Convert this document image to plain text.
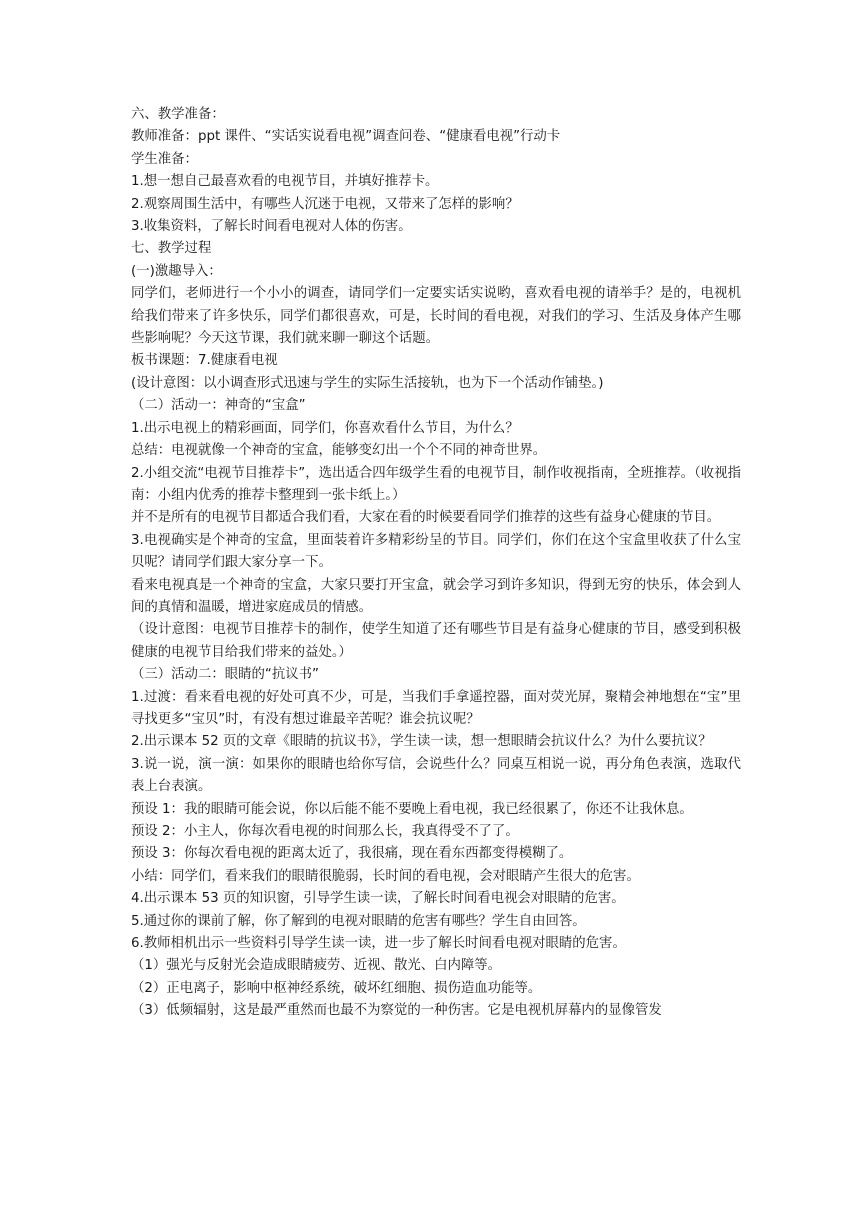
六、教学准备：

教师准备：ppt 课件、“实话实说看电视”调查问卷、“健康看电视”行动卡

学生准备：

1.想一想自己最喜欢看的电视节目，并填好推荐卡。

2.观察周围生活中，有哪些人沉迷于电视，又带来了怎样的影响？

3.收集资料，了解长时间看电视对人体的伤害。

七、教学过程

(一)激趣导入：

同学们，老师进行一个小小的调查，请同学们一定要实话实说哟，喜欢看电视的请举手？是的，电视机给我们带来了许多快乐，同学们都很喜欢，可是，长时间的看电视，对我们的学习、生活及身体产生哪些影响呢？今天这节课，我们就来聊一聊这个话题。

板书课题：7.健康看电视

(设计意图：以小调查形式迅速与学生的实际生活接轨，也为下一个活动作铺垫。)

（二）活动一：神奇的“宝盒”

1.出示电视上的精彩画面，同学们，你喜欢看什么节目，为什么？

总结：电视就像一个神奇的宝盒，能够变幻出一个个不同的神奇世界。

2.小组交流“电视节目推荐卡”，选出适合四年级学生看的电视节目，制作收视指南，全班推荐。（收视指南：小组内优秀的推荐卡整理到一张卡纸上。）

并不是所有的电视节目都适合我们看，大家在看的时候要看同学们推荐的这些有益身心健康的节目。

3.电视确实是个神奇的宝盒，里面装着许多精彩纷呈的节目。同学们，你们在这个宝盒里收获了什么宝贝呢？请同学们跟大家分享一下。

看来电视真是一个神奇的宝盒，大家只要打开宝盒，就会学习到许多知识，得到无穷的快乐，体会到人间的真情和温暖，增进家庭成员的情感。

（设计意图：电视节目推荐卡的制作，使学生知道了还有哪些节目是有益身心健康的节目，感受到积极健康的电视节目给我们带来的益处。）

（三）活动二：眼睛的“抗议书”

1.过渡：看来看电视的好处可真不少，可是，当我们手拿遥控器，面对荧光屏，聚精会神地想在“宝”里寻找更多“宝贝”时，有没有想过谁最辛苦呢？谁会抗议呢？

2.出示课本 52 页的文章《眼睛的抗议书》，学生读一读，想一想眼睛会抗议什么？为什么要抗议？

3.说一说，演一演：如果你的眼睛也给你写信，会说些什么？同桌互相说一说，再分角色表演，选取代表上台表演。

预设 1：我的眼睛可能会说，你以后能不能不要晚上看电视，我已经很累了，你还不让我休息。

预设 2：小主人，你每次看电视的时间那么长，我真得受不了了。

预设 3：你每次看电视的距离太近了，我很痛，现在看东西都变得模糊了。

小结：同学们，看来我们的眼睛很脆弱，长时间的看电视，会对眼睛产生很大的危害。

4.出示课本 53 页的知识窗，引导学生读一读，了解长时间看电视会对眼睛的危害。

5.通过你的课前了解，你了解到的电视对眼睛的危害有哪些？学生自由回答。

6.教师相机出示一些资料引导学生读一读，进一步了解长时间看电视对眼睛的危害。

（1）强光与反射光会造成眼睛疲劳、近视、散光、白内障等。

（2）正电离子，影响中枢神经系统，破坏红细胞、损伤造血功能等。

（3）低频辐射，这是最严重然而也最不为察觉的一种伤害。它是电视机屏幕内的显像管发
